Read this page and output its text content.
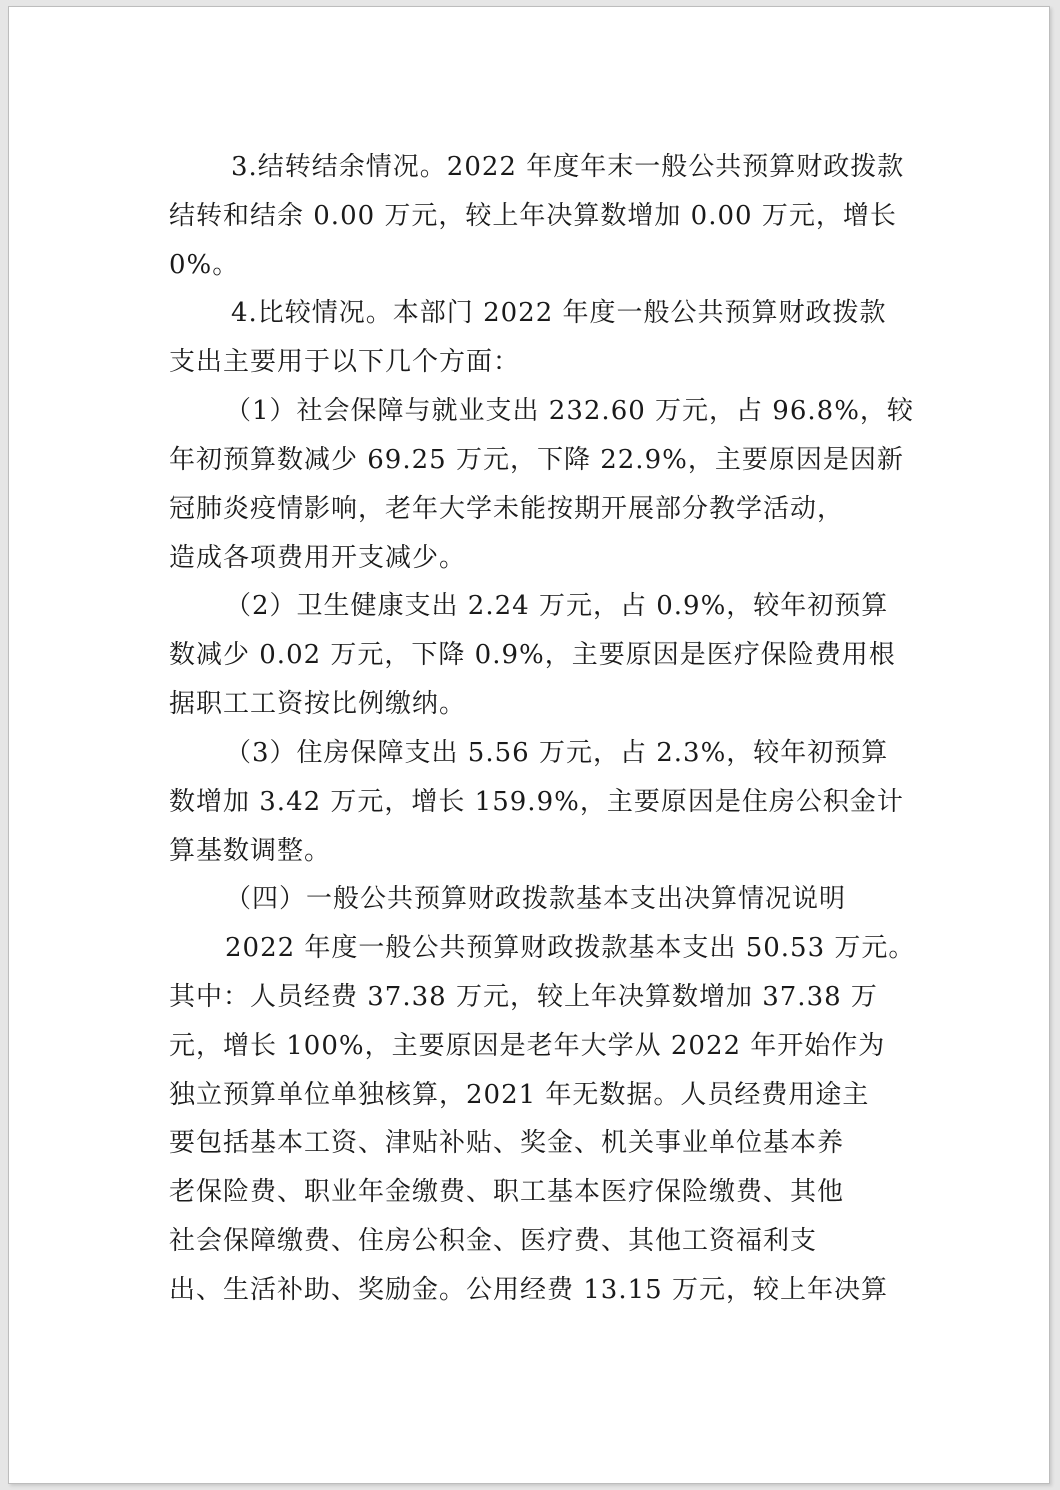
3.结转结余情况。2022 年度年末一般公共预算财政拨款
结转和结余 0.00 万元，较上年决算数增加 0.00 万元，增长
0%。
4.比较情况。本部门 2022 年度一般公共预算财政拨款
支出主要用于以下几个方面：
（1）社会保障与就业支出 232.60 万元，占 96.8%，较
年初预算数减少 69.25 万元，下降 22.9%，主要原因是因新
冠肺炎疫情影响，老年大学未能按期开展部分教学活动，
造成各项费用开支减少。
（2）卫生健康支出 2.24 万元，占 0.9%，较年初预算
数减少 0.02 万元，下降 0.9%，主要原因是医疗保险费用根
据职工工资按比例缴纳。
（3）住房保障支出 5.56 万元，占 2.3%，较年初预算
数增加 3.42 万元，增长 159.9%，主要原因是住房公积金计
算基数调整。
（四）一般公共预算财政拨款基本支出决算情况说明
2022 年度一般公共预算财政拨款基本支出 50.53 万元。
其中：人员经费 37.38 万元，较上年决算数增加 37.38 万
元，增长 100%，主要原因是老年大学从 2022 年开始作为
独立预算单位单独核算，2021 年无数据。人员经费用途主
要包括基本工资、津贴补贴、奖金、机关事业单位基本养
老保险费、职业年金缴费、职工基本医疗保险缴费、其他
社会保障缴费、住房公积金、医疗费、其他工资福利支
出、生活补助、奖励金。公用经费 13.15 万元，较上年决算
